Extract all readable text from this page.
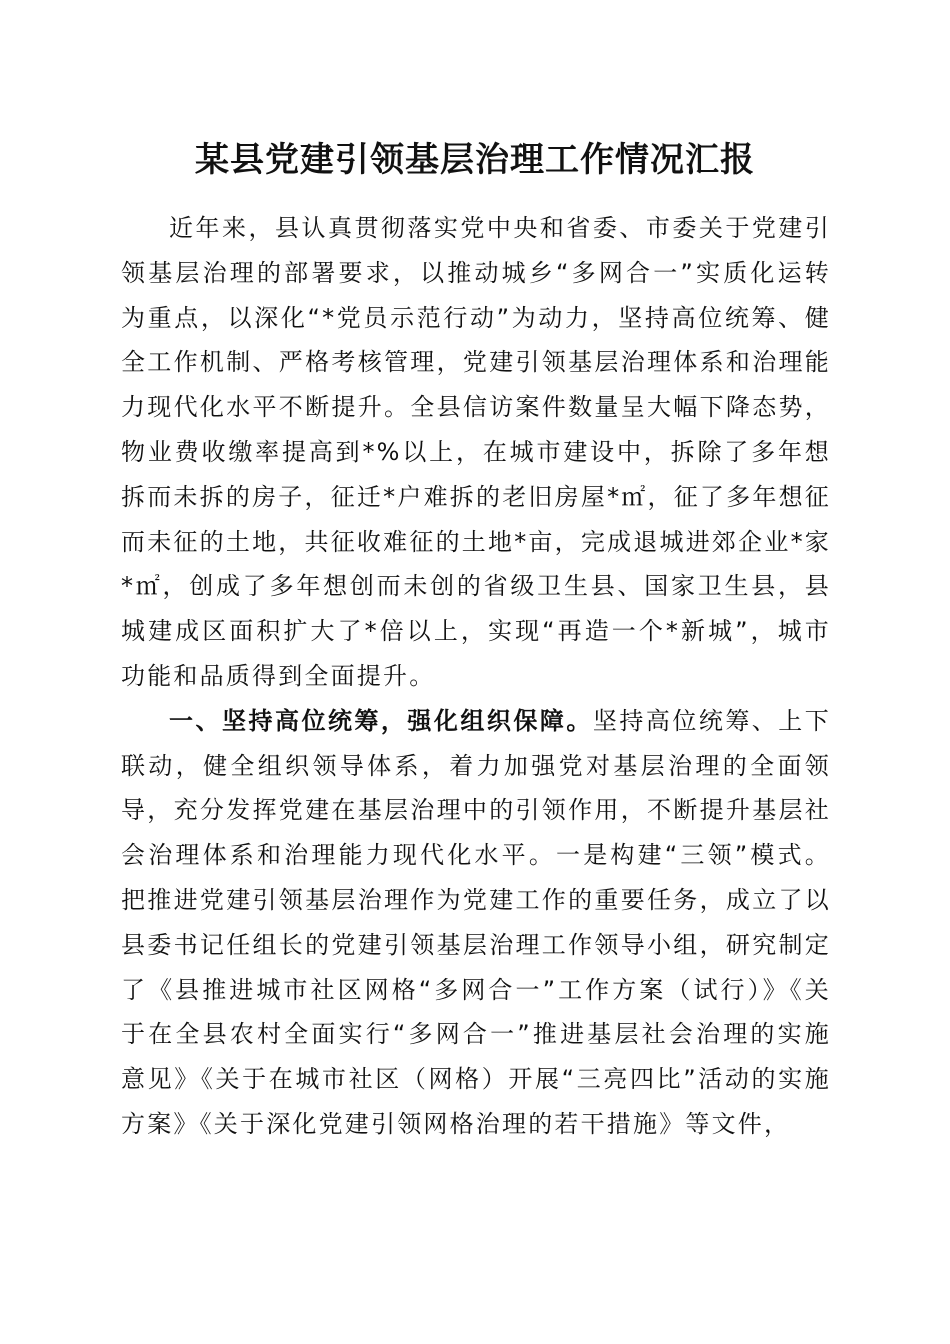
某县党建引领基层治理工作情况汇报

近年来，县认真贯彻落实党中央和省委、市委关于党建引领基层治理的部署要求，以推动城乡“多网合一”实质化运转为重点，以深化“*党员示范行动”为动力，坚持高位统筹、健全工作机制、严格考核管理，党建引领基层治理体系和治理能力现代化水平不断提升。全县信访案件数量呈大幅下降态势，物业费收缴率提高到*%以上，在城市建设中，拆除了多年想拆而未拆的房子，征迁*户难拆的老旧房屋*㎡，征了多年想征而未征的土地，共征收难征的土地*亩，完成退城进郊企业*家*㎡，创成了多年想创而未创的省级卫生县、国家卫生县，县城建成区面积扩大了*倍以上，实现“再造一个*新城”，城市功能和品质得到全面提升。

一、坚持高位统筹，强化组织保障。坚持高位统筹、上下联动，健全组织领导体系，着力加强党对基层治理的全面领导，充分发挥党建在基层治理中的引领作用，不断提升基层社会治理体系和治理能力现代化水平。一是构建“三领”模式。把推进党建引领基层治理作为党建工作的重要任务，成立了以县委书记任组长的党建引领基层治理工作领导小组，研究制定了《县推进城市社区网格“多网合一”工作方案（试行）》《关于在全县农村全面实行“多网合一”推进基层社会治理的实施意见》《关于在城市社区（网格）开展“三亮四比”活动的实施方案》《关于深化党建引领网格治理的若干措施》等文件，
